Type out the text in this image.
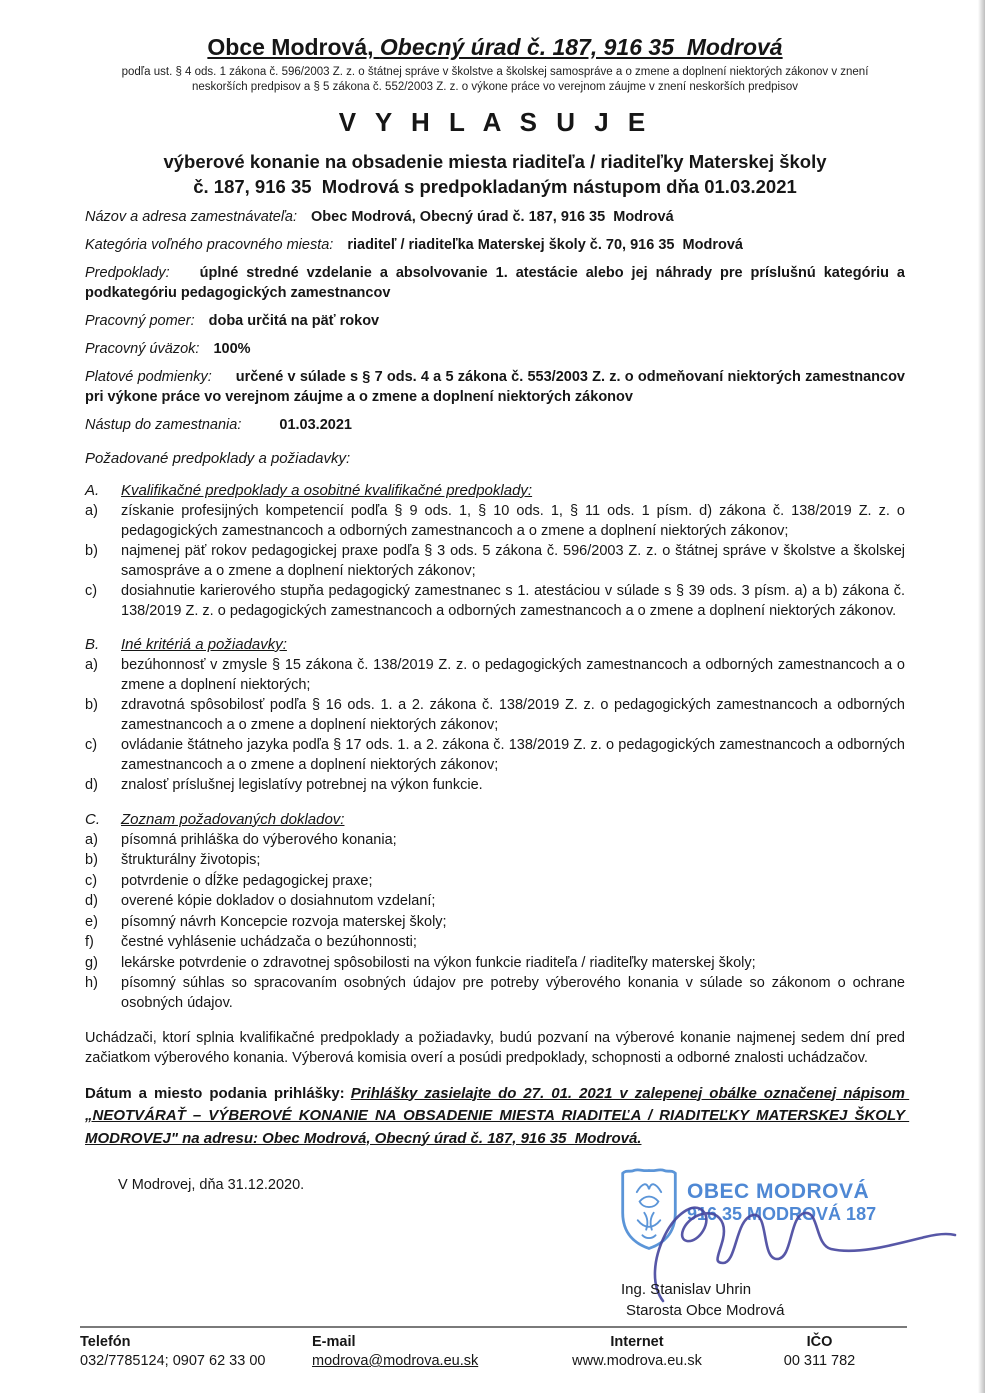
Obce Modrová, Obecný úrad č. 187, 916 35  Modrová

podľa ust. § 4 ods. 1 zákona č. 596/2003 Z. z. o štátnej správe v školstve a školskej samospráve a o zmene a doplnení niektorých zákonov v znení
neskorších predpisov a § 5 zákona č. 552/2003 Z. z. o výkone práce vo verejnom záujme v znení neskorších predpisov

V Y H L A S U J E

výberové konanie na obsadenie miesta riaditeľa / riaditeľky Materskej školy
č. 187, 916 35  Modrová s predpokladaným nástupom dňa 01.03.2021

Názov a adresa zamestnávateľa: Obec Modrová, Obecný úrad č. 187, 916 35  Modrová

Kategória voľného pracovného miesta: riaditeľ / riaditeľka Materskej školy č. 70, 916 35  Modrová

Predpoklady: úplné stredné vzdelanie a absolvovanie 1. atestácie alebo jej náhrady pre príslušnú kategóriu a podkategóriu pedagogických zamestnancov

Pracovný pomer: doba určitá na päť rokov

Pracovný úväzok: 100%

Platové podmienky: určené v súlade s § 7 ods. 4 a 5 zákona č. 553/2003 Z. z. o odmeňovaní niektorých zamestnancov pri výkone práce vo verejnom záujme a o zmene a doplnení niektorých zákonov

Nástup do zamestnania:	01.03.2021

Požadované predpoklady a požiadavky:

A.	Kvalifikačné predpoklady a osobitné kvalifikačné predpoklady:
a)	získanie profesijných kompetencií podľa § 9 ods. 1, § 10 ods. 1, § 11 ods. 1 písm. d) zákona č. 138/2019 Z. z. o pedagogických zamestnancoch a odborných zamestnancoch a o zmene a doplnení niektorých zákonov;
b)	najmenej päť rokov pedagogickej praxe podľa § 3 ods. 5 zákona č. 596/2003 Z. z. o štátnej správe v školstve a školskej samospráve a o zmene a doplnení niektorých zákonov;
c)	dosiahnutie karierového stupňa pedagogický zamestnanec s 1. atestáciou v súlade s § 39 ods. 3 písm. a) a b) zákona č. 138/2019 Z. z. o pedagogických zamestnancoch a odborných zamestnancoch a o zmene a doplnení niektorých zákonov.
B.	Iné kritériá a požiadavky:
a)	bezúhonnosť v zmysle § 15 zákona č. 138/2019 Z. z. o pedagogických zamestnancoch a odborných zamestnancoch a o zmene a doplnení niektorých;
b)	zdravotná spôsobilosť podľa § 16 ods. 1. a 2. zákona č. 138/2019 Z. z. o pedagogických zamestnancoch a odborných zamestnancoch a o zmene a doplnení niektorých zákonov;
c)	ovládanie štátneho jazyka podľa § 17 ods. 1. a 2. zákona č. 138/2019 Z. z. o pedagogických zamestnancoch a odborných zamestnancoch a o zmene a doplnení niektorých zákonov;
d)	znalosť príslušnej legislatívy potrebnej na výkon funkcie.
C.	Zoznam požadovaných dokladov:
a)	písomná prihláška do výberového konania;
b)	štrukturálny životopis;
c)	potvrdenie o dĺžke pedagogickej praxe;
d)	overené kópie dokladov o dosiahnutom vzdelaní;
e)	písomný návrh Koncepcie rozvoja materskej školy;
f)	čestné vyhlásenie uchádzača o bezúhonnosti;
g)	lekárske potvrdenie o zdravotnej spôsobilosti na výkon funkcie riaditeľa / riaditeľky materskej školy;
h)	písomný súhlas so spracovaním osobných údajov pre potreby výberového konania v súlade so zákonom o ochrane osobných údajov.

Uchádzači, ktorí splnia kvalifikačné predpoklady a požiadavky, budú pozvaní na výberové konanie najmenej sedem dní pred začiatkom výberového konania. Výberová komisia overí a posúdi predpoklady, schopnosti a odborné znalosti uchádzačov.

Dátum a miesto podania prihlášky: Prihlášky zasielajte do 27. 01. 2021 v zalepenej obálke označenej nápisom „NEOTVÁRAŤ – VÝBEROVÉ KONANIE NA OBSADENIE MIESTA RIADITEĽA / RIADITEĽKY MATERSKEJ ŠKOLY MODROVEJ" na adresu: Obec Modrová, Obecný úrad č. 187, 916 35  Modrová.

V Modrovej, dňa 31.12.2020.	OBEC MODROVÁ
916 35 MODROVÁ 187
Ing. Stanislav Uhrin
Starosta Obce Modrová
Telefón
032/7785124; 0907 62 33 00
E-mail
modrova@modrova.eu.sk
Internet
www.modrova.eu.sk
IČO
00 311 782
